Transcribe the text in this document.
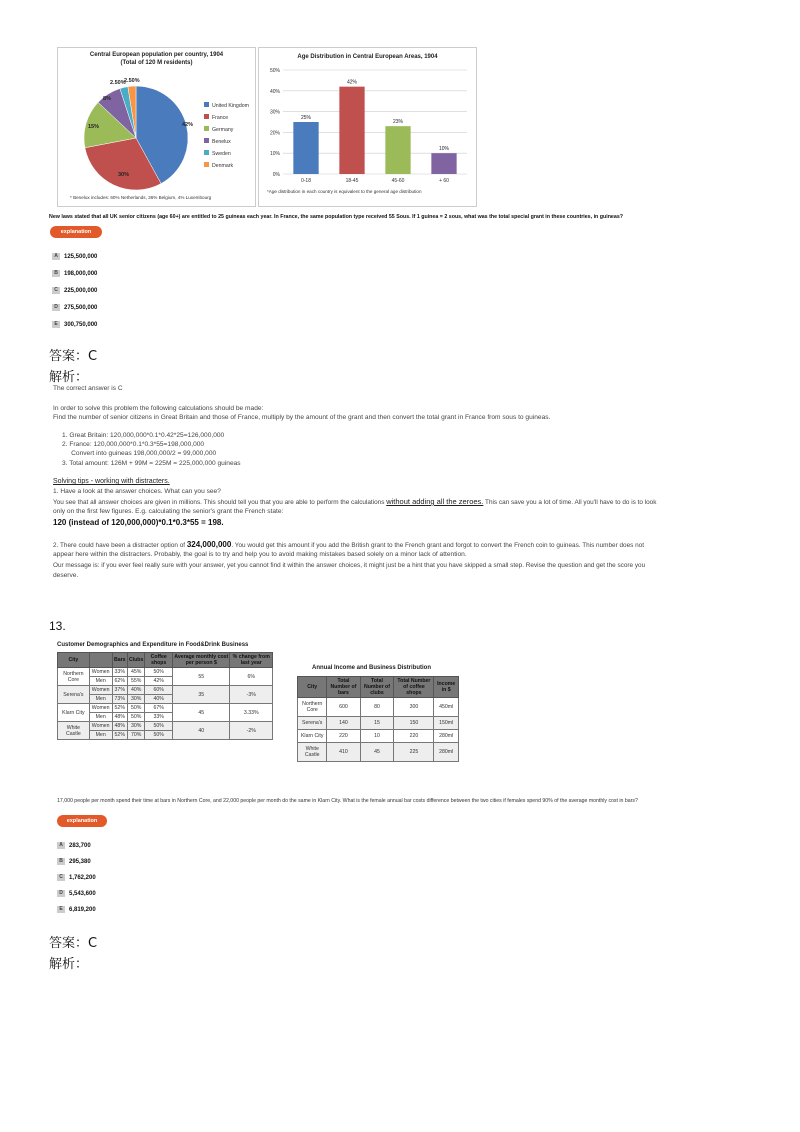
Central European population per country, 1904
(Total of 120 M residents)
42%
30%
15%
8%
2.50%
2.50%
United Kingdom
France
Germany
Benelux
Sweden
Denmark
* Benelux includes: 60% Netherlands, 36% Belgium, 4% Luxembourg
Age Distribution in Central European Areas, 1904
0%
10%
20%
30%
40%
50%
25%
0-18
42%
18-45
23%
45-60
10%
+ 60
*Age distribution in each country is equivalent to the general age distribution
New laws stated that all UK senior citizens (age 60+) are entitled to 25 guineas each year. In France, the same population type received 55 Sous. If 1 guinea = 2 sous, what was the total special grant in these countries, in guineas?
explanation
A 125,500,000
B 198,000,000
C 225,000,000
D 275,500,000
E 300,750,000
答案：C
解析：
The correct answer is C
In order to solve this problem the following calculations should be made:
Find the number of senior citizens in Great Britain and those of France, multiply by the amount of the grant and then convert the total grant in France from sous to guineas.
1. Great Britain: 120,000,000*0.1*0.42*25=126,000,000
2. France: 120,000,000*0.1*0.3*55=198,000,000
Convert into guineas 198,000,000/2 = 99,000,000
3. Total amount: 126M + 99M = 225M = 225,000,000 guineas
Solving tips - working with distracters.
1. Have a look at the answer choices. What can you see?
You see that all answer choices are given in millions. This should tell you that you are able to perform the calculations without adding all the zeroes. This can save you a lot of time. All you'll have to do is to look
only on the first few figures. E.g. calculating the senior's grant the French state:
120 (instead of 120,000,000)*0.1*0.3*55 = 198.
2. There could have been a distracter option of 324,000,000. You would get this amount if you add the British grant to the French grant and forgot to convert the French coin to guineas. This number does not
appear here within the distracters. Probably, the goal is to try and help you to avoid making mistakes based solely on a minor lack of attention.
Our message is: if you ever feel really sure with your answer, yet you cannot find it within the answer choices, it might just be a hint that you have skipped a small step. Revise the question and get the score you
deserve.
13.
Customer Demographics and Expenditure in Food&Drink Business
City		Bars	Clubs	Coffee shops	Average monthly cost per person $	% change from last year
Northern Core	Women	33%	45%	50%	55	6%
	Men	62%	55%	42%		
Serena's	Women	37%	40%	60%	35	-3%
	Men	73%	30%	40%		
Klarn City	Women	52%	50%	67%	45	3.33%
	Men	48%	50%	33%		
White Castle	Women	48%	30%	50%	40	-2%
	Men	52%	70%	50%		
Annual Income and Business Distribution
City	Total Number of bars	Total Number of clubs	Total Number of coffee shops	Income in $
Northern Core	600	80	300	450ml
Serena's	140	15	150	150ml
Klarn City	220	10	220	280ml
White Castle	410	45	225	280ml
17,000 people per month spend their time at bars in Northern Core, and 22,000 people per month do the same in Klarn City. What is the female annual bar costs difference between the two cities if females spend 90% of the average monthly cost in bars?
explanation
A 283,700
B 295,380
C 1,762,200
D 5,543,600
E 6,819,200
答案：C
解析：
